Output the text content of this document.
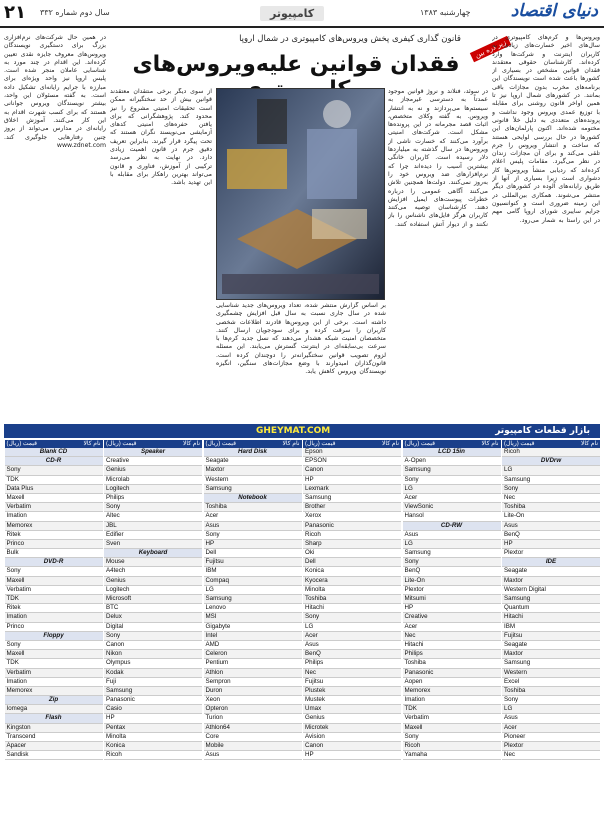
۲۱ سال دوم شماره ۳۳۲	کامپیوتر	چهارشنبه ۱۳۸۳ دنیای اقتصاد
قانون گذاری کیفری پخش ویروس‌های کامپیوتری در شمال اروپا
فقدان قوانین علیه‌ویروس‌های
زیر ذره بین
ویروس‌ها و کرم‌های کامپیوتری در سال‌های اخیر خسارت‌های زیادی به کاربران اینترنت و شرکت‌ها وارد کرده‌اند. کارشناسان حقوقی معتقدند فقدان قوانین مشخص در بسیاری از کشورها باعث شده است نویسندگان این برنامه‌های مخرب بدون مجازات باقی بمانند. در کشورهای شمال اروپا نیز تا همین اواخر قانون روشنی برای مقابله با توزیع عمدی ویروس وجود نداشت و پرونده‌های متعددی به دلیل خلأ قانونی مختومه شده‌اند. اکنون پارلمان‌های این کشورها در حال بررسی لوایحی هستند که ساخت و انتشار ویروس را جرم تلقی می‌کند و برای آن مجازات زندان در نظر می‌گیرد. مقامات پلیس اعلام کرده‌اند که ردیابی منشأ ویروس‌ها کار دشواری است زیرا بسیاری از آنها از طریق رایانه‌های آلوده در کشورهای دیگر منتشر می‌شوند. همکاری بین‌المللی در این زمینه ضروری است و کنوانسیون جرایم سایبری شورای اروپا گامی مهم در این راستا به شمار می‌رود.
در سوئد، فنلاند و نروژ قوانین موجود عمدتاً به دسترسی غیرمجاز به سیستم‌ها می‌پردازند و نه به انتشار ویروس. به گفته وکلای متخصص، اثبات قصد مجرمانه در این پرونده‌ها مشکل است. شرکت‌های امنیتی برآورد می‌کنند که خسارت ناشی از ویروس‌ها در سال گذشته به میلیاردها دلار رسیده است. کاربران خانگی بیشترین آسیب را دیده‌اند چرا که نرم‌افزارهای ضد ویروس خود را به‌روز نمی‌کنند. دولت‌ها همچنین تلاش می‌کنند آگاهی عمومی را درباره خطرات پیوست‌های ایمیل افزایش دهند. کارشناسان توصیه می‌کنند کاربران هرگز فایل‌های ناشناس را باز نکنند و از دیوار آتش استفاده کنند.
بر اساس گزارش منتشر شده، تعداد ویروس‌های جدید شناسایی شده در سال جاری نسبت به سال قبل افزایش چشمگیری داشته است. برخی از این ویروس‌ها قادرند اطلاعات شخصی کاربران را سرقت کرده و برای سودجویان ارسال کنند. متخصصان امنیت شبکه هشدار می‌دهند که نسل جدید کرم‌ها با سرعت بی‌سابقه‌ای در اینترنت گسترش می‌یابند. این مسئله لزوم تصویب قوانین سختگیرانه‌تر را دوچندان کرده است. قانون‌گذاران امیدوارند با وضع مجازات‌های سنگین، انگیزه نویسندگان ویروس کاهش یابد.
از سوی دیگر برخی منتقدان معتقدند قوانین بیش از حد سختگیرانه ممکن است تحقیقات امنیتی مشروع را نیز محدود کند. پژوهشگرانی که برای یافتن حفره‌های امنیتی کدهای آزمایشی می‌نویسند نگران هستند که تحت پیگرد قرار گیرند. بنابراین تعریف دقیق جرم در قانون اهمیت زیادی دارد. در نهایت به نظر می‌رسد ترکیبی از آموزش، فناوری و قانون می‌تواند بهترین راهکار برای مقابله با این تهدید باشد.
در همین حال شرکت‌های نرم‌افزاری بزرگ برای دستگیری نویسندگان ویروس‌های معروف جایزه نقدی تعیین کرده‌اند. این اقدام در چند مورد به شناسایی عاملان منجر شده است. پلیس اروپا نیز واحد ویژه‌ای برای مبارزه با جرایم رایانه‌ای تشکیل داده است. به گفته مسئولان این واحد، بیشتر نویسندگان ویروس جوانانی هستند که برای کسب شهرت اقدام به این کار می‌کنند. آموزش اخلاق رایانه‌ای در مدارس می‌تواند از بروز چنین رفتارهایی جلوگیری کند. www.zdnet.com
GHEYMAT.COM	بازار قطعات کامپیوتر
قیمت (ریال)	نام کالا
Ricoh
DVDrw
LG
Samsung
Sony
Nec
Toshiba
Lite-On
Asus
BenQ
HP
Plextor
IDE
Seagate
Maxtor
Western Digital
Samsung
Quantum
Hitachi
IBM
Fujitsu
Seagate
Maxtor
Samsung
Western
Excel
Toshiba
Sony
LG
Asus
Acer
Pioneer
Plextor
Nec
قیمت (ریال)	نام کالا
LCD 15in
A-Open
Samsung
Sony
LG
Acer
ViewSonic
Hansol
CD-RW
Asus
LG
Samsung
Sony
BenQ
Lite-On
Plextor
Mitsumi
HP
Creative
Acer
Nec
Hitachi
Philips
Toshiba
Panasonic
Aopen
Memorex
Imation
TDK
Verbatim
Maxell
Sony
Ricoh
Yamaha
قیمت (ریال)	نام کالا
Epson
EPSON
Canon
HP
Lexmark
Samsung
Brother
Xerox
Panasonic
Ricoh
Sharp
Oki
Dell
Konica
Kyocera
Minolta
Toshiba
Hitachi
Sony
LG
Acer
Asus
BenQ
Philips
Nec
Fujitsu
Plustek
Mustek
Umax
Genius
Microtek
Avision
Canon
HP
قیمت (ریال)	نام کالا
Hard Disk
Seagate
Maxtor
Western
Samsung
Notebook
Toshiba
Acer
Asus
Sony
HP
Dell
Fujitsu
IBM
Compaq
LG
Samsung
Lenovo
MSI
Gigabyte
Intel
AMD
Celeron
Pentium
Athlon
Sempron
Duron
Xeon
Opteron
Turion
Athlon64
Core
Mobile
Asus
قیمت (ریال)	نام کالا
Speaker
Creative
Genius
Microlab
Logitech
Philips
Sony
Altec
JBL
Edifier
Sven
Keyboard
Mouse
A4tech
Genius
Logitech
Microsoft
BTC
Delux
Digital
Sony
Canon
Nikon
Olympus
Kodak
Fuji
Samsung
Panasonic
Casio
HP
Pentax
Minolta
Konica
Ricoh
قیمت (ریال)	نام کالا
Blank CD
CD-R
Sony
TDK
Data Plus
Maxell
Verbatim
Imation
Memorex
Ritek
Princo
Bulk
DVD-R
Sony
Maxell
Verbatim
TDK
Ritek
Imation
Princo
Floppy
Sony
Maxell
TDK
Verbatim
Imation
Memorex
Zip
Iomega
Flash
Kingston
Transcend
Apacer
Sandisk
